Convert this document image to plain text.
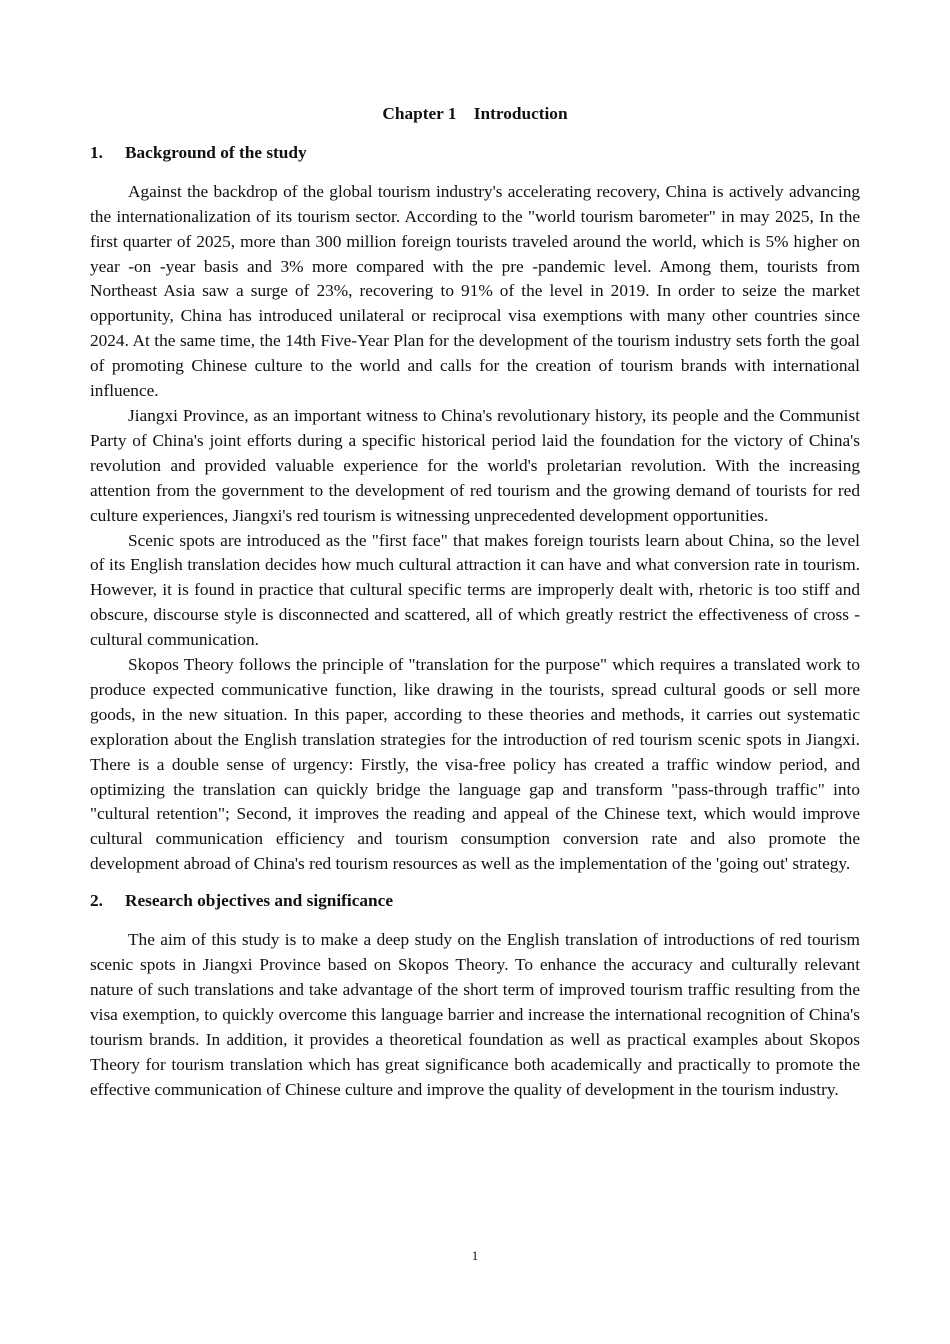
Chapter 1　Introduction

1. Background of the study

Against the backdrop of the global tourism industry's accelerating recovery, China is actively advancing the internationalization of its tourism sector. According to the "world tourism barometer" in may 2025, In the first quarter of 2025, more than 300 million foreign tourists traveled around the world, which is 5% higher on year -on -year basis and 3% more compared with the pre -pandemic level. Among them, tourists from Northeast Asia saw a surge of 23%, recovering to 91% of the level in 2019. In order to seize the market opportunity, China has introduced unilateral or reciprocal visa exemptions with many other countries since 2024. At the same time, the 14th Five-Year Plan for the development of the tourism industry sets forth the goal of promoting Chinese culture to the world and calls for the creation of tourism brands with international influence.

Jiangxi Province, as an important witness to China's revolutionary history, its people and the Communist Party of China's joint efforts during a specific historical period laid the foundation for the victory of China's revolution and provided valuable experience for the world's proletarian revolution. With the increasing attention from the government to the development of red tourism and the growing demand of tourists for red culture experiences, Jiangxi's red tourism is witnessing unprecedented development opportunities.

Scenic spots are introduced as the "first face" that makes foreign tourists learn about China, so the level of its English translation decides how much cultural attraction it can have and what conversion rate in tourism. However, it is found in practice that cultural specific terms are improperly dealt with, rhetoric is too stiff and obscure, discourse style is disconnected and scattered, all of which greatly restrict the effectiveness of cross - cultural communication.

Skopos Theory follows the principle of "translation for the purpose" which requires a translated work to produce expected communicative function, like drawing in the tourists, spread cultural goods or sell more goods, in the new situation. In this paper, according to these theories and methods, it carries out systematic exploration about the English translation strategies for the introduction of red tourism scenic spots in Jiangxi. There is a double sense of urgency: Firstly, the visa-free policy has created a traffic window period, and optimizing the translation can quickly bridge the language gap and transform "pass-through traffic" into "cultural retention"; Second, it improves the reading and appeal of the Chinese text, which would improve cultural communication efficiency and tourism consumption conversion rate and also promote the development abroad of China's red tourism resources as well as the implementation of the 'going out' strategy.

2. Research objectives and significance

The aim of this study is to make a deep study on the English translation of introductions of red tourism scenic spots in Jiangxi Province based on Skopos Theory. To enhance the accuracy and culturally relevant nature of such translations and take advantage of the short term of improved tourism traffic resulting from the visa exemption, to quickly overcome this language barrier and increase the international recognition of China's tourism brands. In addition, it provides a theoretical foundation as well as practical examples about Skopos Theory for tourism translation which has great significance both academically and practically to promote the effective communication of Chinese culture and improve the quality of development in the tourism industry.

1
